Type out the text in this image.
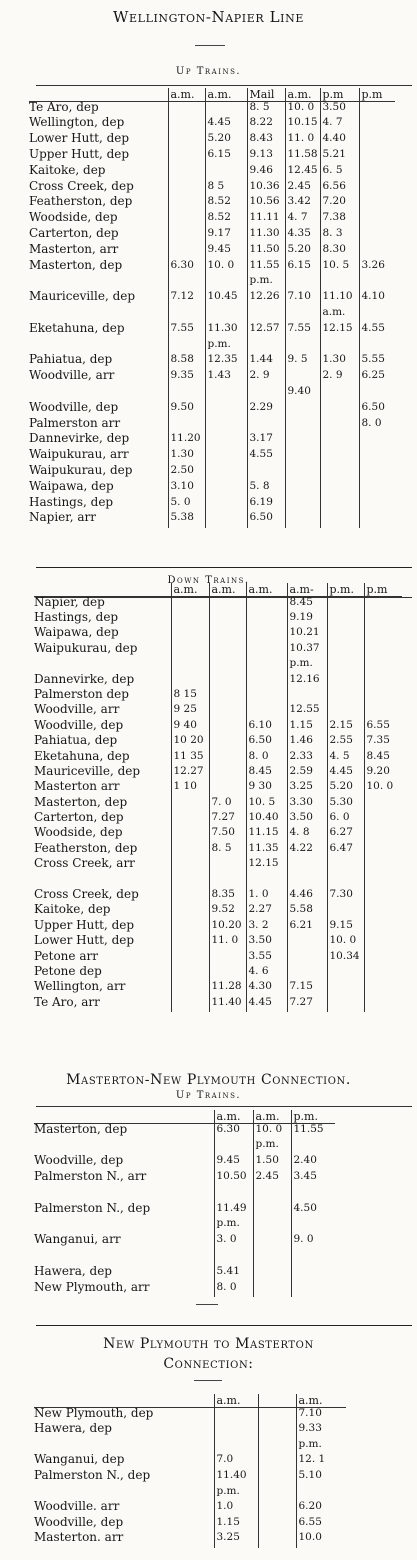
Wellington-Napier Line
Up Trains.
	a.m.	a.m.	Mail	a.m.	p.m	p.m
Te Aro, dep			8. 5	10. 0	3.50	
Wellington, dep		4.45	8.22	10.15	4. 7	
Lower Hutt, dep		5.20	8.43	11. 0	4.40	
Upper Hutt, dep		6.15	9.13	11.58	5.21	
Kaitoke, dep			9.46	12.45	6. 5	
Cross Creek, dep		8 5	10.36	2.45	6.56	
Featherston, dep		8.52	10.56	3.42	7.20	
Woodside, dep		8.52	11.11	4. 7	7.38	
Carterton, dep		9.17	11.30	4.35	8. 3	
Masterton, arr		9.45	11.50	5.20	8.30	
Masterton, dep	6.30	10. 0	11.55	6.15	10. 5	3.26
			p.m.			
Mauriceville, dep	7.12	10.45	12.26	7.10	11.10	4.10
					a.m.	
Eketahuna, dep	7.55	11.30	12.57	7.55	12.15	4.55
		p.m.				
Pahiatua, dep	8.58	12.35	1.44	9. 5	1.30	5.55
Woodville, arr	9.35	1.43	2. 9		2. 9	6.25
				9.40		
Woodville, dep	9.50		2.29			6.50
Palmerston arr						8. 0
Dannevirke, dep	11.20		3.17			
Waipukurau, arr	1.30		4.55			
Waipukurau, dep	2.50					
Waipawa, dep	3.10		5. 8			
Hastings, dep	5. 0		6.19			
Napier, arr	5.38		6.50			
Down Trains.
	a.m.	a.m.	a.m.	a.m-	p.m.	p.m
Napier, dep				8.45		
Hastings, dep				9.19		
Waipawa, dep				10.21		
Waipukurau, dep				10.37		
				p.m.		
Dannevirke, dep				12.16		
Palmerston dep	8 15					
Woodville, arr	9 25			12.55		
Woodville, dep	9 40		6.10	1.15	2.15	6.55
Pahiatua, dep	10 20		6.50	1.46	2.55	7.35
Eketahuna, dep	11 35		8. 0	2.33	4. 5	8.45
Mauriceville, dep	12.27		8.45	2.59	4.45	9.20
Masterton arr	1 10		9 30	3.25	5.20	10. 0
Masterton, dep		7. 0	10. 5	3.30	5.30	
Carterton, dep		7.27	10.40	3.50	6. 0	
Woodside, dep		7.50	11.15	4. 8	6.27	
Featherston, dep		8. 5	11.35	4.22	6.47	
Cross Creek, arr			12.15			

Cross Creek, dep		8.35	1. 0	4.46	7.30	
Kaitoke, dep		9.52	2.27	5.58		
Upper Hutt, dep		10.20	3. 2	6.21	9.15	
Lower Hutt, dep		11. 0	3.50		10. 0	
Petone arr			3.55		10.34	
Petone dep			4. 6			
Wellington, arr		11.28	4.30	7.15		
Te Aro, arr		11.40	4.45	7.27		
Masterton-New Plymouth Connection.
Up Trains.
	a.m.	a.m.	p.m.
Masterton, dep	6.30	10. 0	11.55
		p.m.	
Woodville, dep	9.45	1.50	2.40
Palmerston N., arr	10.50	2.45	3.45

Palmerston N., dep	11.49		4.50
	p.m.		
Wanganui, arr	3. 0		9. 0

Hawera, dep	5.41		
New Plymouth, arr	8. 0		
New Plymouth to Masterton
Connection:
	a.m.		a.m.
New Plymouth, dep			7.10
Hawera, dep			9.33
			p.m.
Wanganui, dep	7.0		12. 1
Palmerston N., dep	11.40		5.10
	p.m.		
Woodville. arr	1.0		6.20
Woodville, dep	1.15		6.55
Masterton. arr	3.25		10.0
